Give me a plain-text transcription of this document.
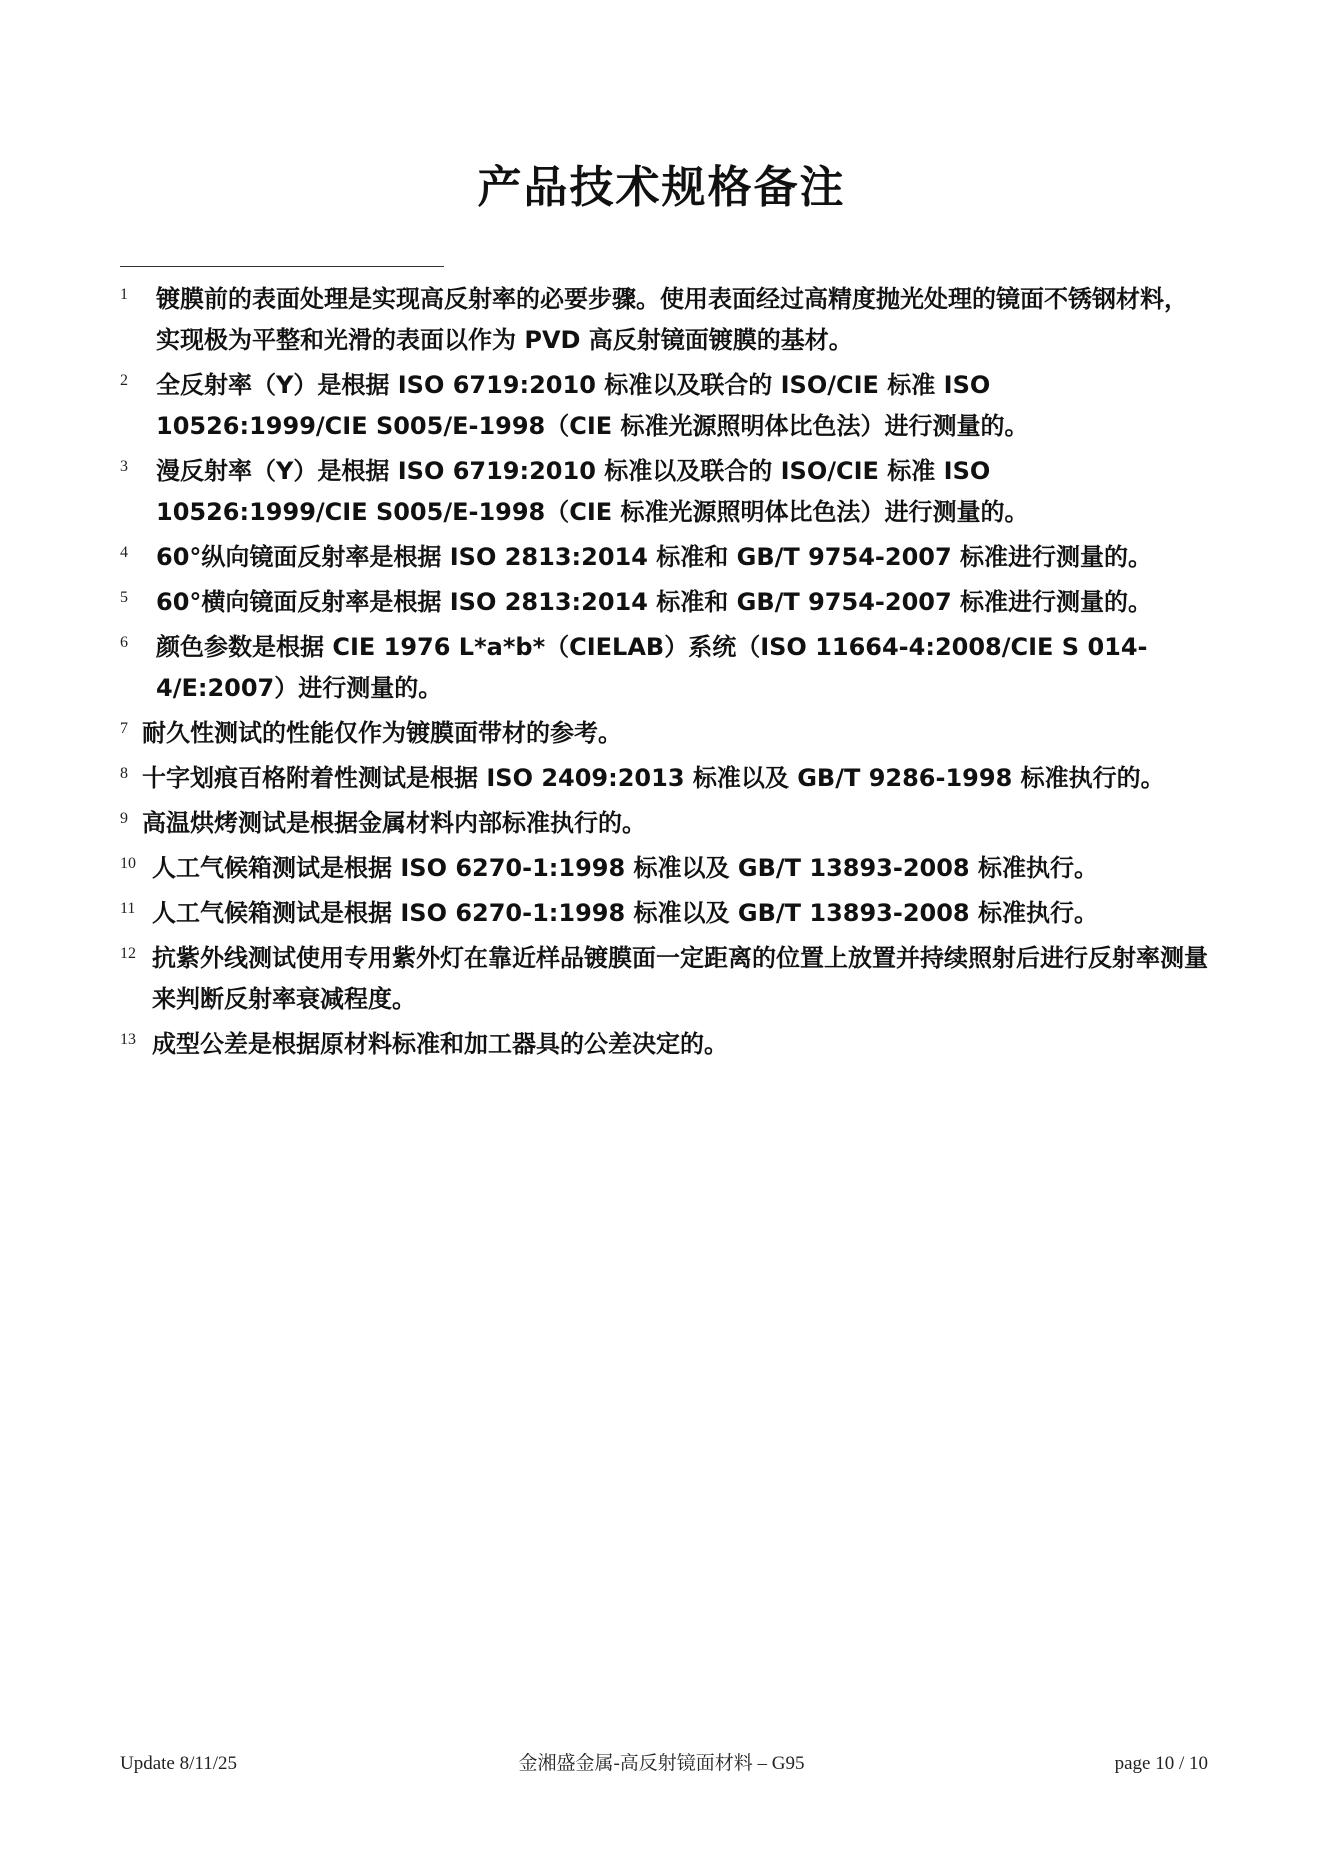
产品技术规格备注
1 镀膜前的表面处理是实现高反射率的必要步骤。使用表面经过高精度抛光处理的镜面不锈钢材料，实现极为平整和光滑的表面以作为 PVD 高反射镜面镀膜的基材。
2 全反射率（Y）是根据 ISO 6719:2010 标准以及联合的 ISO/CIE 标准 ISO 10526:1999/CIE S005/E-1998（CIE 标准光源照明体比色法）进行测量的。
3 漫反射率（Y）是根据 ISO 6719:2010 标准以及联合的 ISO/CIE 标准 ISO 10526:1999/CIE S005/E-1998（CIE 标准光源照明体比色法）进行测量的。
4 60°纵向镜面反射率是根据 ISO 2813:2014 标准和 GB/T 9754-2007 标准进行测量的。
5 60°横向镜面反射率是根据 ISO 2813:2014 标准和 GB/T 9754-2007 标准进行测量的。
6 颜色参数是根据 CIE 1976 L*a*b*（CIELAB）系统（ISO 11664-4:2008/CIE S 014-4/E:2007）进行测量的。
7 耐久性测试的性能仅作为镀膜面带材的参考。
8 十字划痕百格附着性测试是根据 ISO 2409:2013 标准以及 GB/T 9286-1998 标准执行的。
9 高温烘烤测试是根据金属材料内部标准执行的。
10 人工气候箱测试是根据 ISO 6270-1:1998 标准以及 GB/T 13893-2008 标准执行。
11 人工气候箱测试是根据 ISO 6270-1:1998 标准以及 GB/T 13893-2008 标准执行。
12 抗紫外线测试使用专用紫外灯在靠近样品镀膜面一定距离的位置上放置并持续照射后进行反射率测量来判断反射率衰减程度。
13 成型公差是根据原材料标准和加工器具的公差决定的。
Update 8/11/25	金湘盛金属-高反射镜面材料 – G95	page 10 / 10
